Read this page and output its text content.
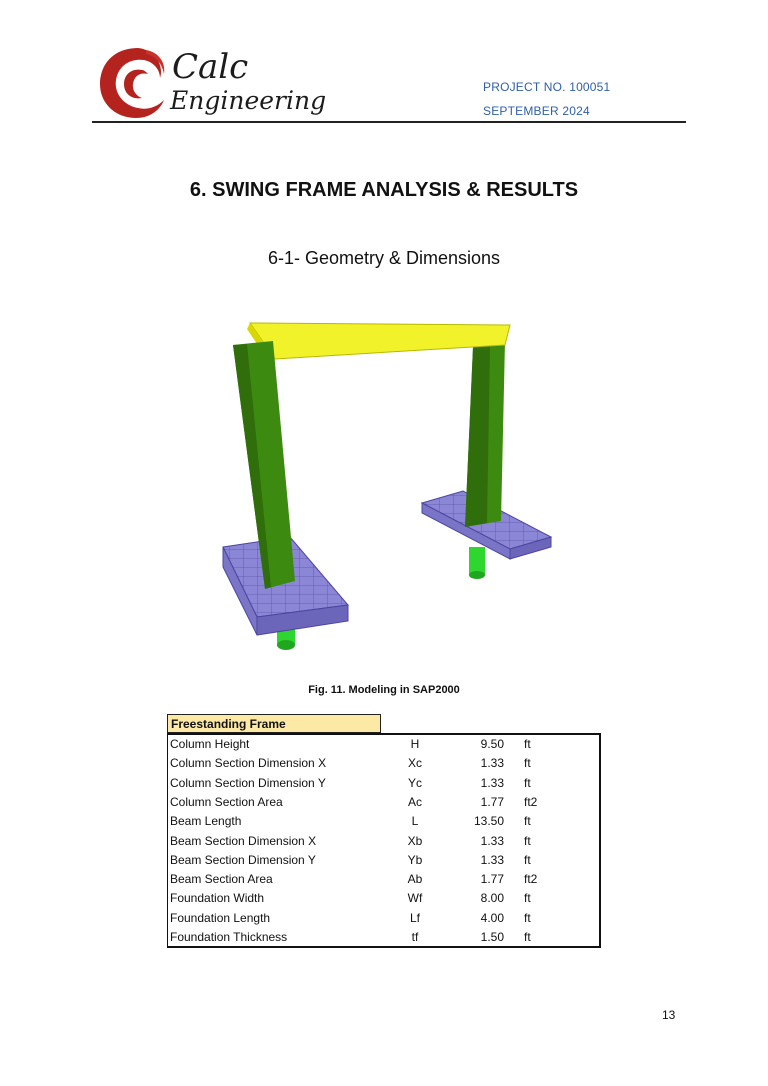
Calc
Engineering	PROJECT NO. 100051
SEPTEMBER 2024
6. SWING FRAME ANALYSIS & RESULTS
6-1- Geometry & Dimensions
Fig. 11. Modeling in SAP2000
Freestanding Frame
Column Height	H	9.50 ft
Column Section Dimension X	Xc	1.33 ft
Column Section Dimension Y	Yc	1.33 ft
Column Section Area	Ac	1.77 ft2
Beam Length	L	13.50 ft
Beam Section Dimension X	Xb	1.33 ft
Beam Section Dimension Y	Yb	1.33 ft
Beam Section Area	Ab	1.77 ft2
Foundation Width	Wf	8.00 ft
Foundation Length	Lf	4.00 ft
Foundation Thickness	tf	1.50 ft
13
